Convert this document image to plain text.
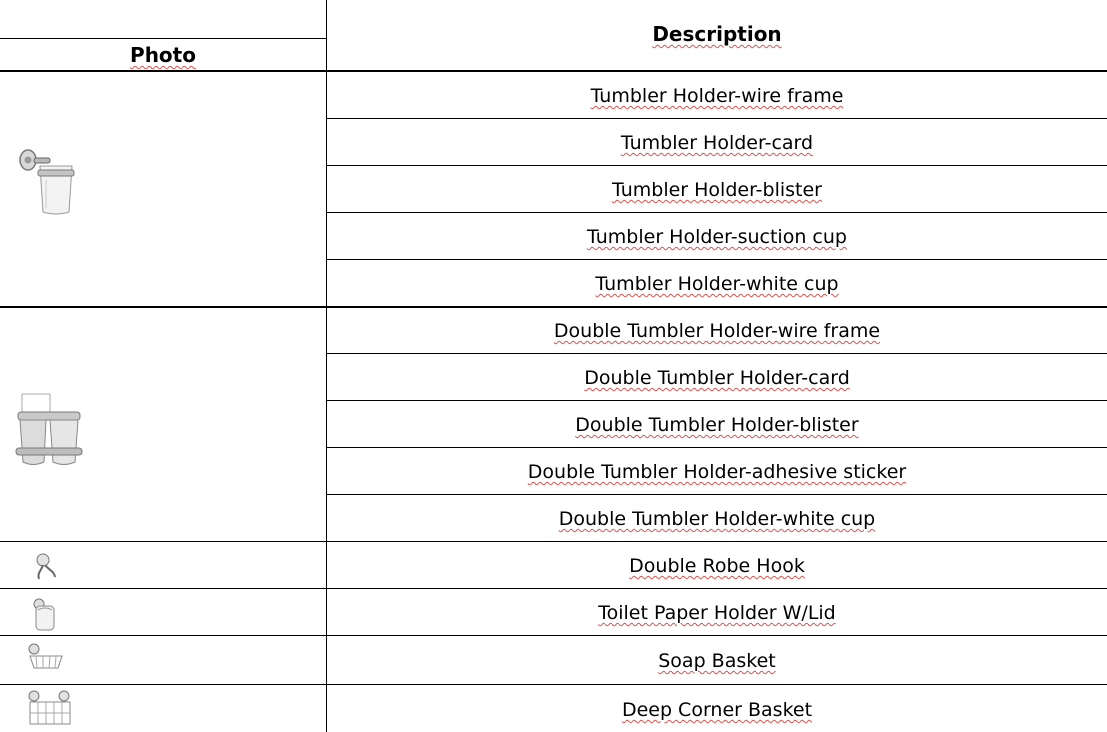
Photo
Description
Tumbler Holder-wire frame
Tumbler Holder-card
Tumbler Holder-blister
Tumbler Holder-suction cup
Tumbler Holder-white cup
Double Tumbler Holder-wire frame
Double Tumbler Holder-card
Double Tumbler Holder-blister
Double Tumbler Holder-adhesive sticker
Double Tumbler Holder-white cup
Double Robe Hook
Toilet Paper Holder W/Lid
Soap Basket
Deep Corner Basket
